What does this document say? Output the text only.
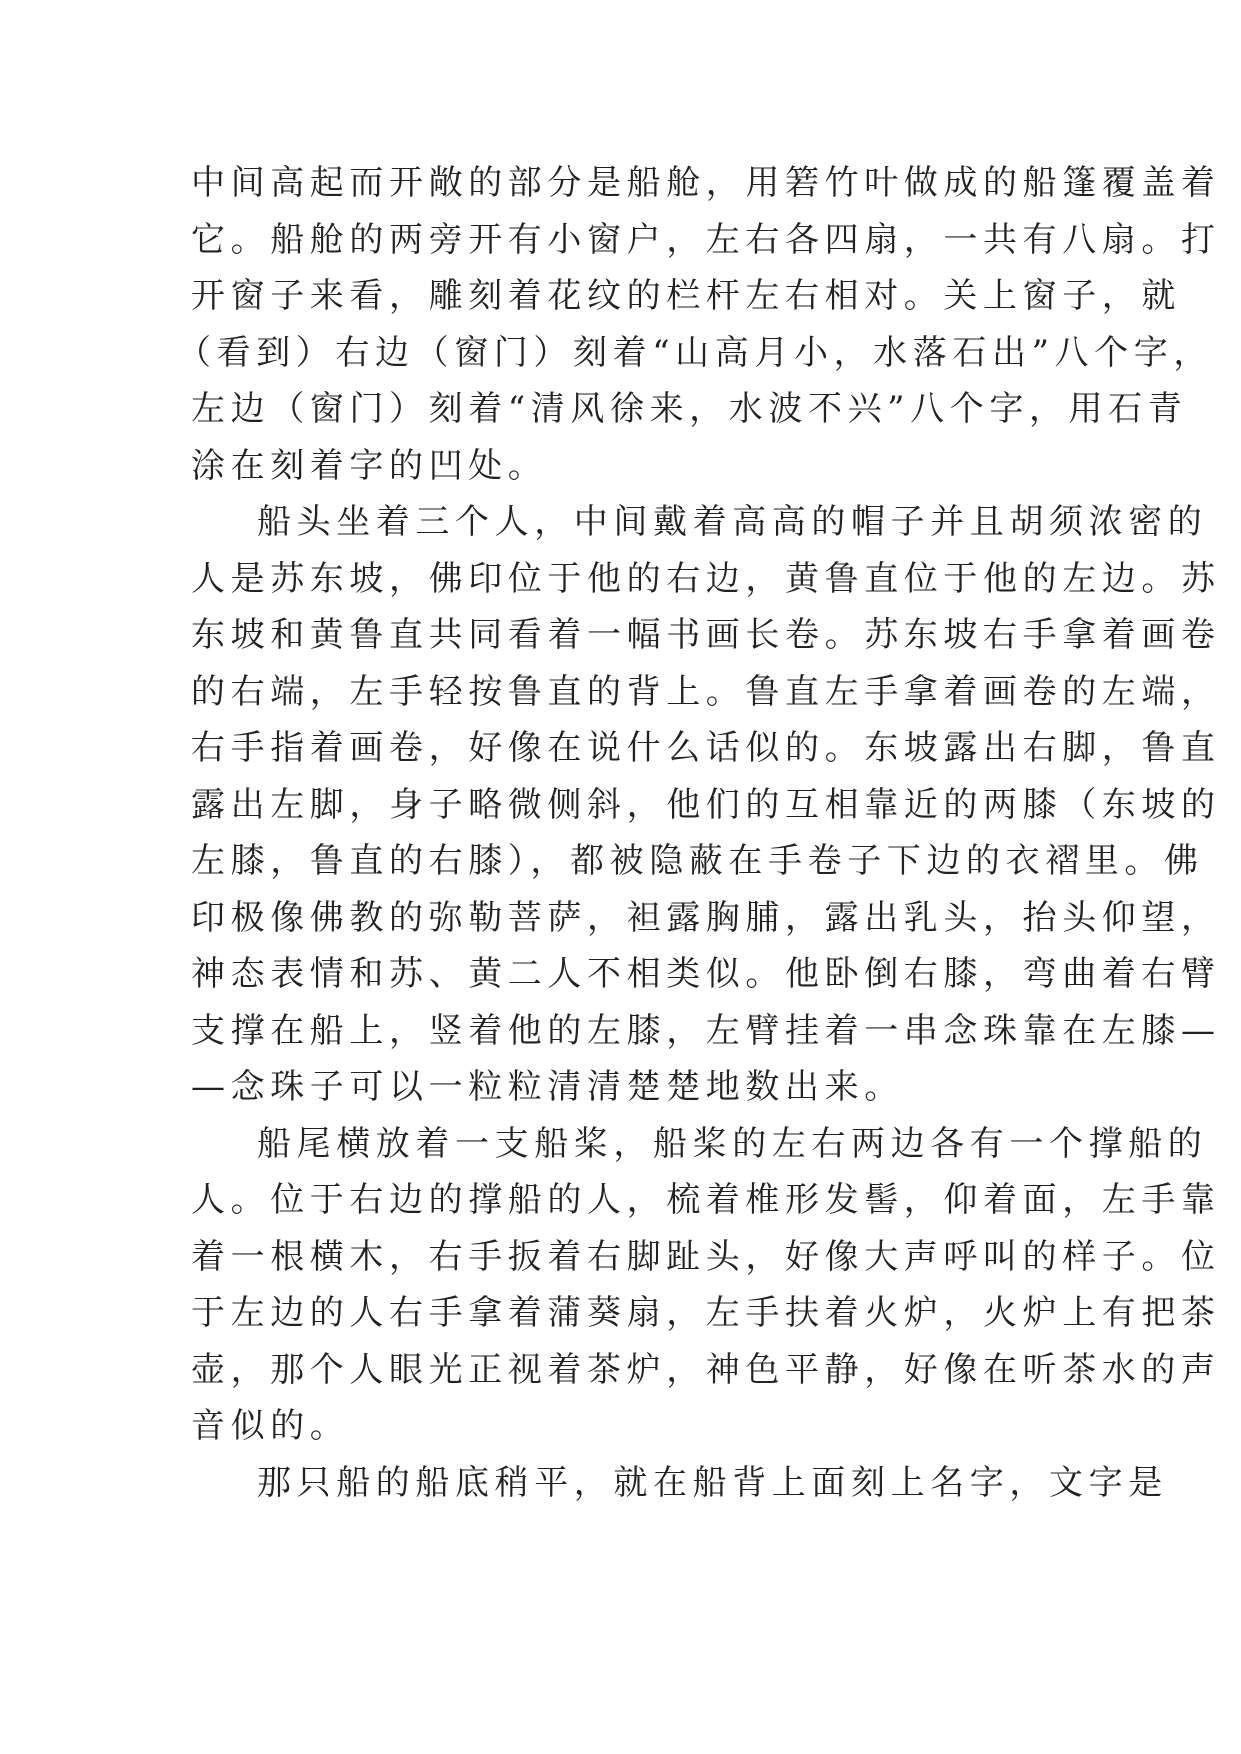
中间高起而开敞的部分是船舱，用箬竹叶做成的船篷覆盖着
它。船舱的两旁开有小窗户，左右各四扇，一共有八扇。打
开窗子来看，雕刻着花纹的栏杆左右相对。关上窗子，就
（看到）右边（窗门）刻着“山高月小，水落石出”八个字，
左边（窗门）刻着“清风徐来，水波不兴”八个字，用石青
涂在刻着字的凹处。
船头坐着三个人，中间戴着高高的帽子并且胡须浓密的
人是苏东坡，佛印位于他的右边，黄鲁直位于他的左边。苏
东坡和黄鲁直共同看着一幅书画长卷。苏东坡右手拿着画卷
的右端，左手轻按鲁直的背上。鲁直左手拿着画卷的左端，
右手指着画卷，好像在说什么话似的。东坡露出右脚，鲁直
露出左脚，身子略微侧斜，他们的互相靠近的两膝（东坡的
左膝，鲁直的右膝），都被隐蔽在手卷子下边的衣褶里。佛
印极像佛教的弥勒菩萨，袒露胸脯，露出乳头，抬头仰望，
神态表情和苏、黄二人不相类似。他卧倒右膝，弯曲着右臂
支撑在船上，竖着他的左膝，左臂挂着一串念珠靠在左膝—
—念珠子可以一粒粒清清楚楚地数出来。
船尾横放着一支船桨，船桨的左右两边各有一个撑船的
人。位于右边的撑船的人，梳着椎形发髻，仰着面，左手靠
着一根横木，右手扳着右脚趾头，好像大声呼叫的样子。位
于左边的人右手拿着蒲葵扇，左手扶着火炉，火炉上有把茶
壶，那个人眼光正视着茶炉，神色平静，好像在听茶水的声
音似的。
那只船的船底稍平，就在船背上面刻上名字，文字是
